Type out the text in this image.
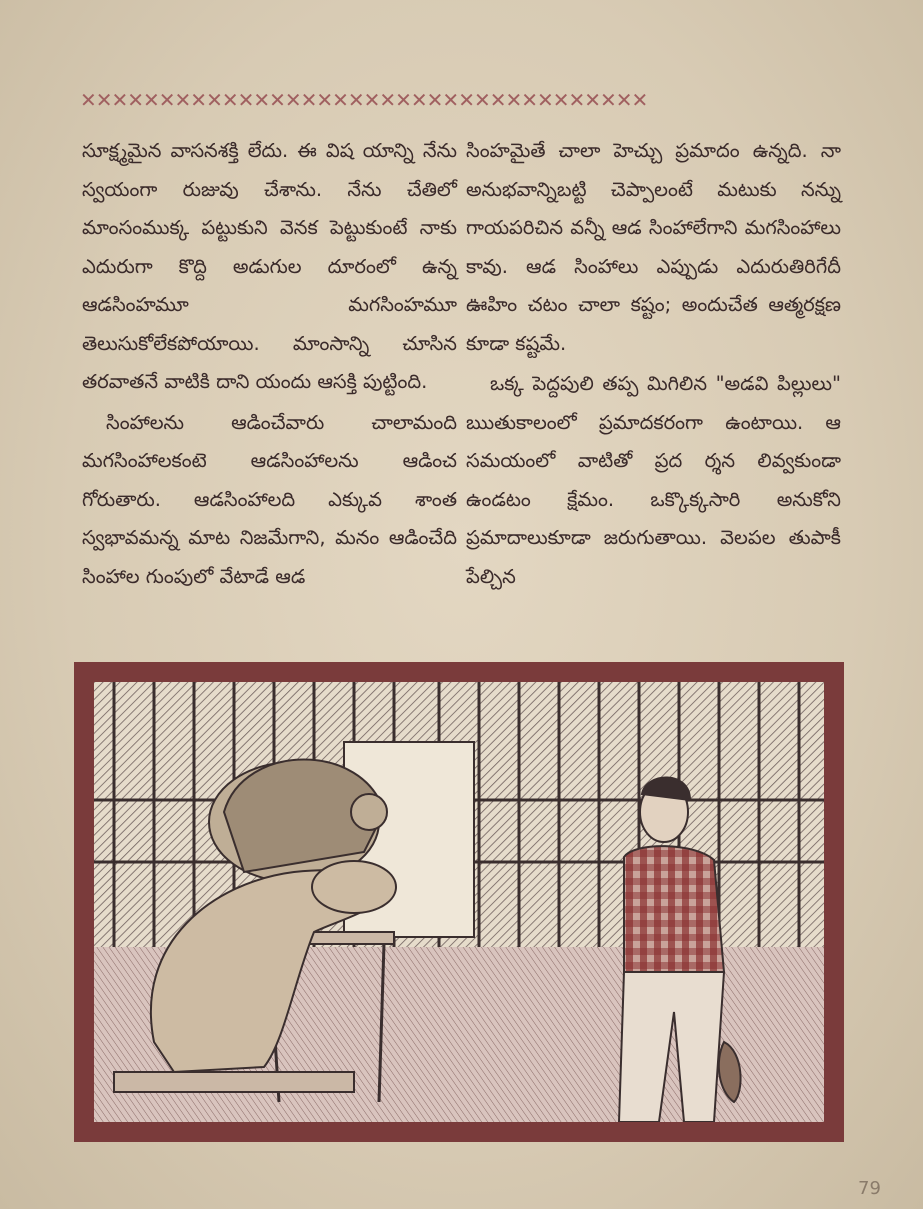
✕✕✕✕✕✕✕✕✕✕✕✕✕✕✕✕✕✕✕✕✕✕✕✕✕✕✕✕✕✕✕✕✕✕✕✕

సూక్ష్మమైన వాసనశక్తి లేదు. ఈ విష యాన్ని నేను స్వయంగా రుజువు చేశాను. నేను చేతిలో మాంసంముక్క పట్టుకుని వెనక పెట్టుకుంటే నాకు ఎదురుగా కొద్ది అడుగుల దూరంలో ఉన్న ఆడసింహమూ మగసింహమూ తెలుసుకోలేకపోయాయి. మాంసాన్ని చూసిన తరవాతనే వాటికి దాని యందు ఆసక్తి పుట్టింది.

సింహాలను ఆడించేవారు చాలామంది మగసింహాలకంటె ఆడసింహాలను ఆడించ గోరుతారు. ఆడసింహాలది ఎక్కువ శాంత స్వభావమన్న మాట నిజమేగాని, మనం ఆడించేది సింహాల గుంపులో వేటాడే ఆడ

సింహమైతే చాలా హెచ్చు ప్రమాదం ఉన్నది. నా అనుభవాన్నిబట్టి చెప్పాలంటే మటుకు నన్ను గాయపరిచిన వన్నీ ఆడ సింహాలేగాని మగసింహాలు కావు. ఆడ సింహాలు ఎప్పుడు ఎదురుతిరిగేదీ ఊహిం చటం చాలా కష్టం; అందుచేత ఆత్మరక్షణ కూడా కష్టమే.

ఒక్క పెద్దపులి తప్ప మిగిలిన "అడవి పిల్లులు" ఋతుకాలంలో ప్రమాదకరంగా ఉంటాయి. ఆ సమయంలో వాటితో ప్రద ర్శన లివ్వకుండా ఉండటం క్షేమం. ఒక్కొక్కసారి అనుకోని ప్రమాదాలుకూడా జరుగుతాయి. వెలపల తుపాకీ పేల్చిన

79
